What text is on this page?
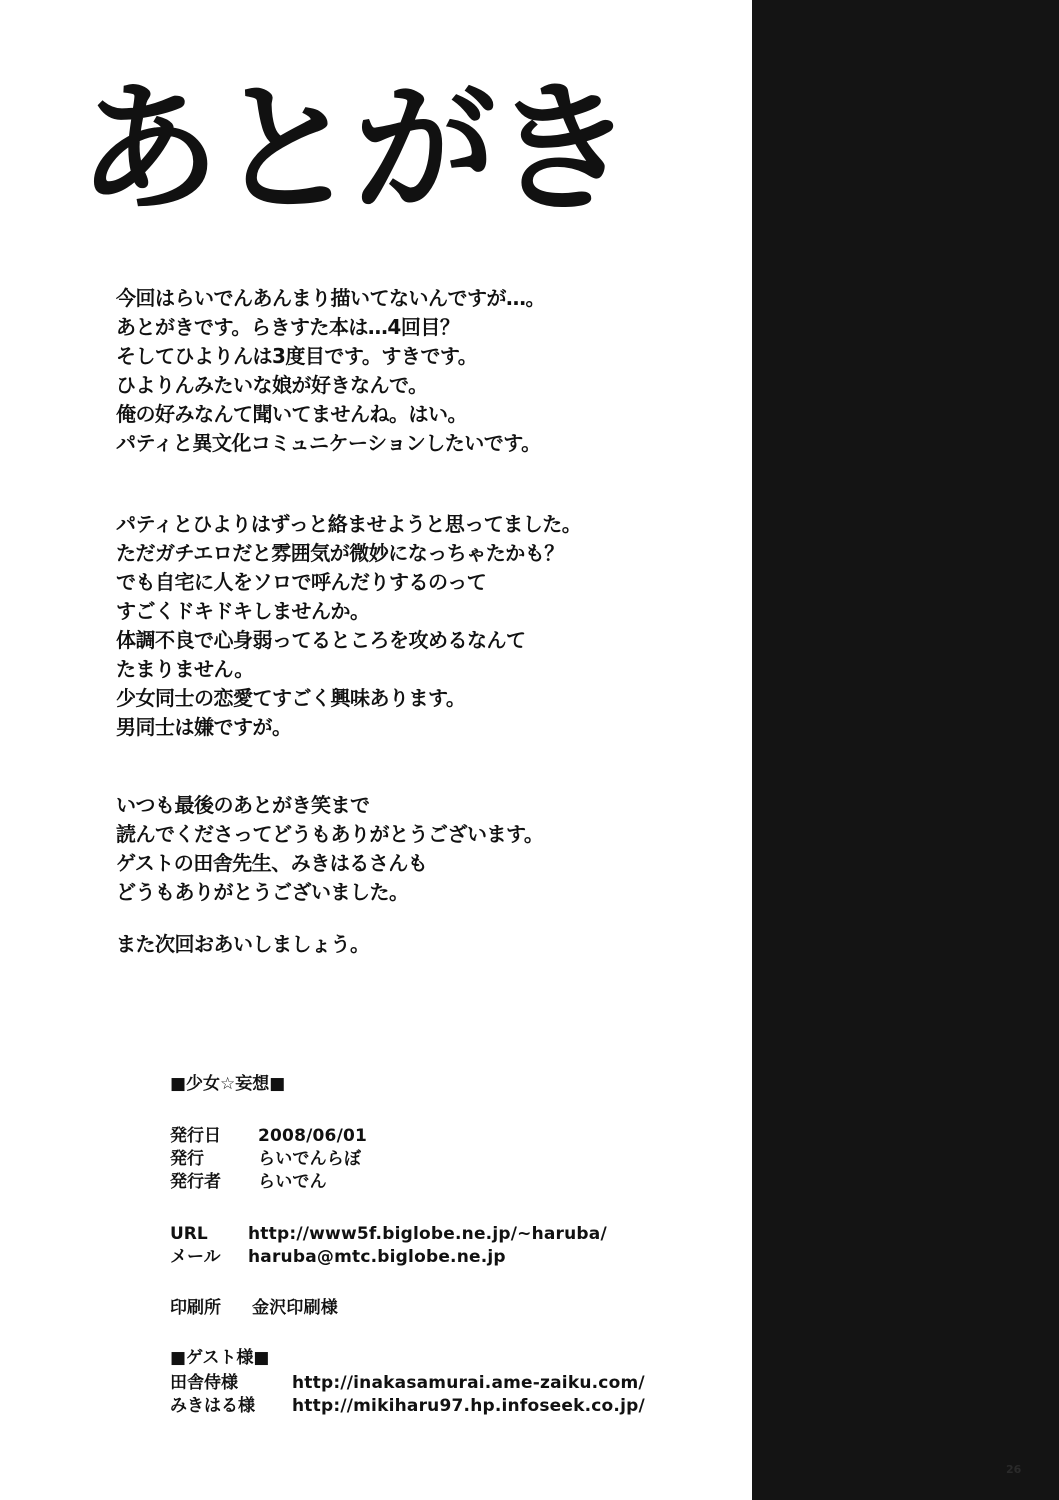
あとがき
今回はらいでんあんまり描いてないんですが…。
あとがきです。らきすた本は…4回目？
そしてひよりんは3度目です。すきです。
ひよりんみたいな娘が好きなんで。
俺の好みなんて聞いてませんね。はい。
パティと異文化コミュニケーションしたいです。
パティとひよりはずっと絡ませようと思ってました。
ただガチエロだと雰囲気が微妙になっちゃたかも？
でも自宅に人をソロで呼んだりするのって
すごくドキドキしませんか。
体調不良で心身弱ってるところを攻めるなんて
たまりません。
少女同士の恋愛てすごく興味あります。
男同士は嫌ですが。
いつも最後のあとがき笑まで
読んでくださってどうもありがとうございます。
ゲストの田舎先生、みきはるさんも
どうもありがとうございました。
また次回おあいしましょう。
■少女☆妄想■
発行日	2008/06/01
発行	らいでんらぼ
発行者	らいでん
URL	http://www5f.biglobe.ne.jp/~haruba/
メール	haruba@mtc.biglobe.ne.jp
印刷所	金沢印刷様
■ゲスト様■
田舎侍様	http://inakasamurai.ame-zaiku.com/
みきはる様	http://mikiharu97.hp.infoseek.co.jp/
26
